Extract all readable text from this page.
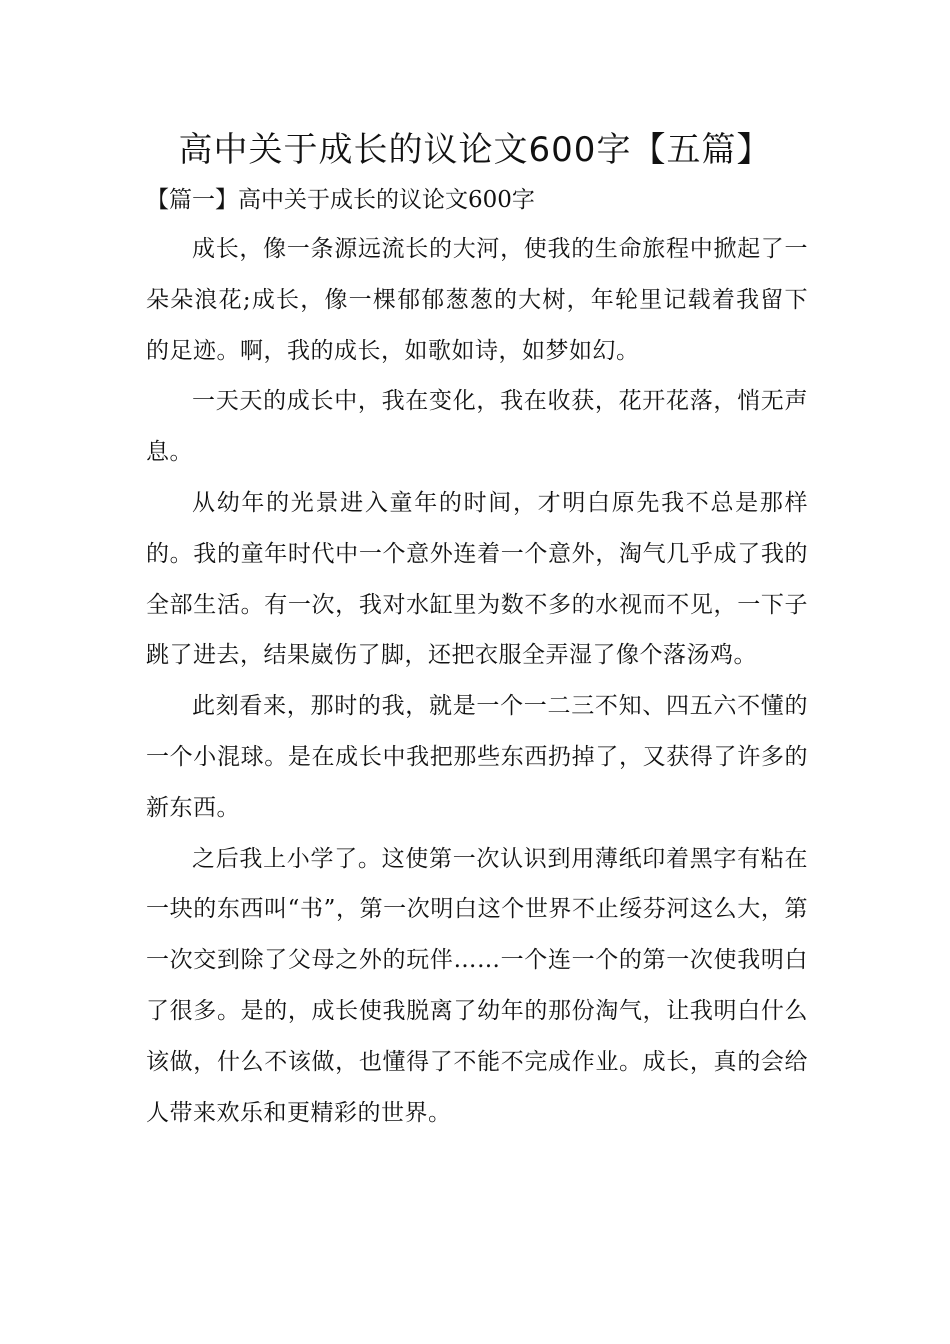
高中关于成长的议论文600字【五篇】
【篇一】高中关于成长的议论文600字

成长，像一条源远流长的大河，使我的生命旅程中掀起了一朵朵浪花;成长，像一棵郁郁葱葱的大树，年轮里记载着我留下的足迹。啊，我的成长，如歌如诗，如梦如幻。

一天天的成长中，我在变化，我在收获，花开花落，悄无声息。

从幼年的光景进入童年的时间，才明白原先我不总是那样的。我的童年时代中一个意外连着一个意外，淘气几乎成了我的全部生活。有一次，我对水缸里为数不多的水视而不见，一下子跳了进去，结果崴伤了脚，还把衣服全弄湿了像个落汤鸡。

此刻看来，那时的我，就是一个一二三不知、四五六不懂的一个小混球。是在成长中我把那些东西扔掉了，又获得了许多的新东西。

之后我上小学了。这使第一次认识到用薄纸印着黑字有粘在一块的东西叫“书”，第一次明白这个世界不止绥芬河这么大，第一次交到除了父母之外的玩伴……一个连一个的第一次使我明白了很多。是的，成长使我脱离了幼年的那份淘气，让我明白什么该做，什么不该做，也懂得了不能不完成作业。成长，真的会给人带来欢乐和更精彩的世界。
